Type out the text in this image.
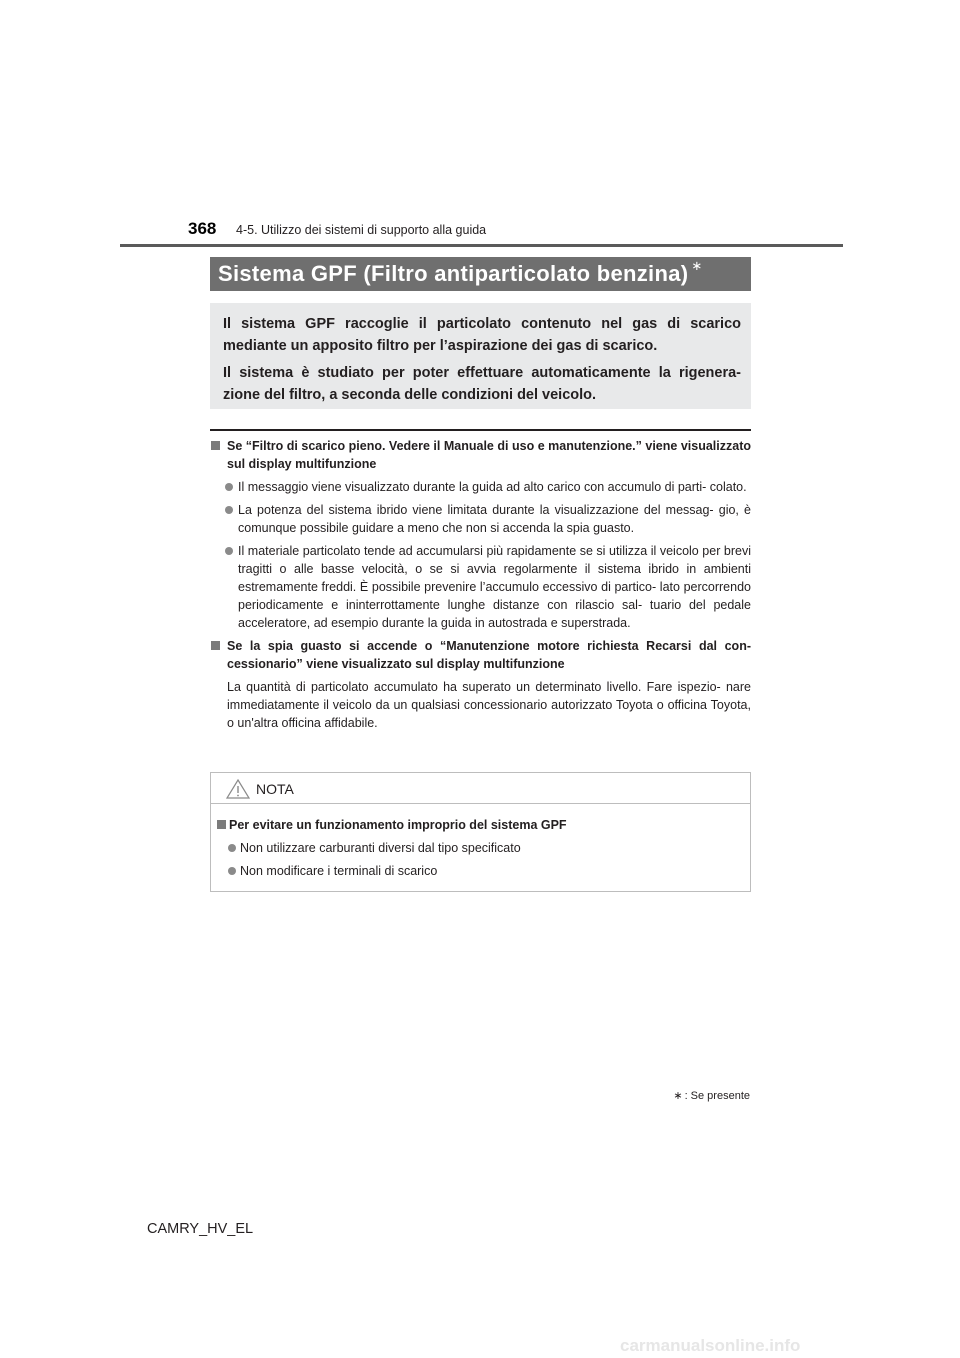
368 4-5. Utilizzo dei sistemi di supporto alla guida
Sistema GPF (Filtro antiparticolato benzina) ∗

Il sistema GPF raccoglie il particolato contenuto nel gas di scarico mediante un apposito filtro per l’aspirazione dei gas di scarico.

Il sistema è studiato per poter effettuare automaticamente la rigenera- zione del filtro, a seconda delle condizioni del veicolo.

Se “Filtro di scarico pieno. Vedere il Manuale di uso e manutenzione.” viene visualizzato sul display multifunzione
Il messaggio viene visualizzato durante la guida ad alto carico con accumulo di parti- colato.
La potenza del sistema ibrido viene limitata durante la visualizzazione del messag- gio, è comunque possibile guidare a meno che non si accenda la spia guasto.
Il materiale particolato tende ad accumularsi più rapidamente se si utilizza il veicolo per brevi tragitti o alle basse velocità, o se si avvia regolarmente il sistema ibrido in ambienti estremamente freddi. È possibile prevenire l’accumulo eccessivo di partico- lato percorrendo periodicamente e ininterrottamente lunghe distanze con rilascio sal- tuario del pedale acceleratore, ad esempio durante la guida in autostrada e superstrada.
Se la spia guasto si accende o “Manutenzione motore richiesta Recarsi dal con- cessionario” viene visualizzato sul display multifunzione

La quantità di particolato accumulato ha superato un determinato livello. Fare ispezio- nare immediatamente il veicolo da un qualsiasi concessionario autorizzato Toyota o officina Toyota, o un'altra officina affidabile.

NOTA
Per evitare un funzionamento improprio del sistema GPF
Non utilizzare carburanti diversi dal tipo specificato
Non modificare i terminali di scarico
∗ : Se presente
CAMRY_HV_EL
carmanualsonline.info
